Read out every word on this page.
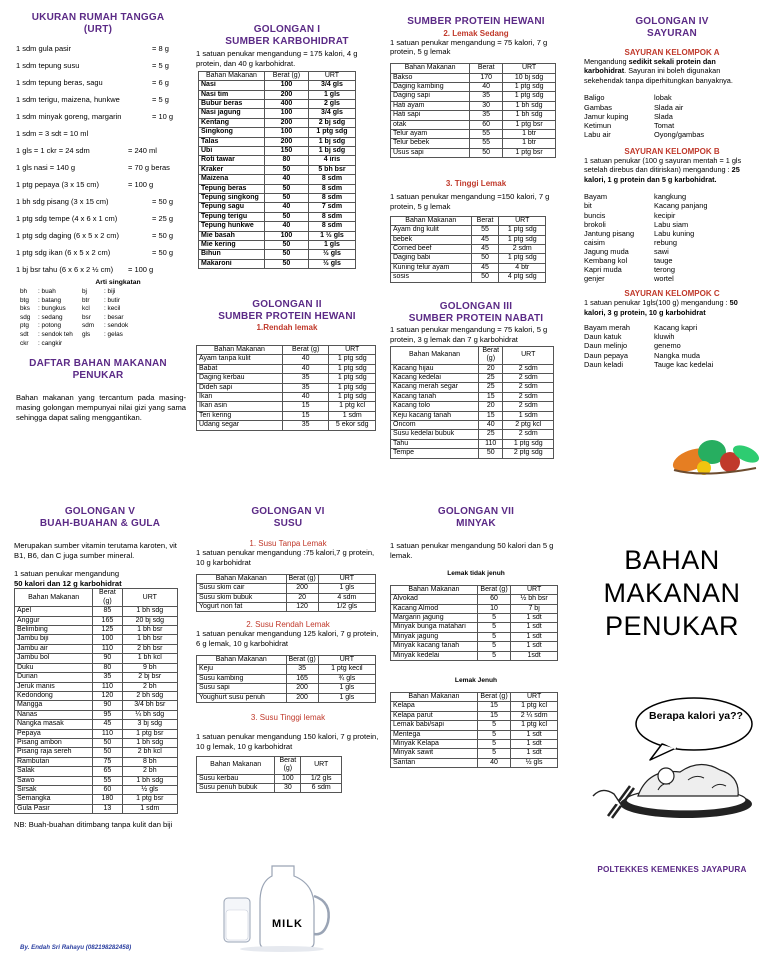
UKURAN RUMAH TANGGA
(URT)
1 sdm gula pasir	= 8 g
1 sdm tepung susu	= 5 g
1 sdm tepung beras, sagu	= 6 g
1 sdm terigu, maizena, hunkwe	= 5 g
1 sdm minyak goreng, margarin	= 10 g
1 sdm = 3 sdt = 10 ml
1 gls = 1 ckr = 24 sdm	= 240 ml
1 gls nasi = 140 g	= 70 g beras
1 ptg pepaya (3 x 15 cm)	= 100 g
1 bh sdg pisang (3 x 15 cm)	= 50 g
1 ptg sdg tempe (4 x 6 x 1 cm)	= 25 g
1 ptg sdg daging (6 x 5 x 2 cm)	= 50 g
1 ptg sdg ikan (6 x 5 x 2 cm)	= 50 g
1 bj bsr tahu (6 x 6 x 2 ½ cm) = 100 g
Arti singkatan
bh	: buah	bj	: biji
btg	: batang	btr	: butir
bks	: bungkus	kcl	: kecil
sdg	: sedang	bsr	: besar
ptg	: potong	sdm	: sendok
sdt	: sendok teh	gls	: gelas
ckr	: cangkir
DAFTAR BAHAN MAKANAN
PENUKAR
Bahan makanan yang tercantum pada masing-masing golongan mempunyai nilai gizi yang sama sehingga dapat saling menggantikan.
GOLONGAN I
SUMBER KARBOHIDRAT
1 satuan penukar mengandung = 175 kalori, 4 g protein, dan 40 g karbohidrat.
Bahan Makanan	Berat (g)	URT
Nasi	100	3/4 gls
Nasi tim	200	1 gls
Bubur beras	400	2 gls
Nasi jagung	100	3/4 gls
Kentang	200	2 bj sdg
Singkong	100	1 ptg sdg
Talas	200	1 bj sdg
Ubi	150	1 bj sdg
Roti tawar	80	4 iris
Kraker	50	5 bh bsr
Maizena	40	8 sdm
Tepung beras	50	8 sdm
Tepung singkong	50	8 sdm
Tepung sagu	40	7 sdm
Tepung terigu	50	8 sdm
Tepung hunkwe	40	8 sdm
Mie basah	100	1 ½ gls
Mie kering	50	1 gls
Bihun	50	½ gls
Makaroni	50	½ gls
GOLONGAN II
SUMBER PROTEIN HEWANI
1.Rendah lemak
Bahan Makanan	Berat (g)	URT
Ayam tanpa kulit	40	1 ptg sdg
Babat	40	1 ptg sdg
Daging kerbau	35	1 ptg sdg
Dideh sapi	35	1 ptg sdg
Ikan	40	1 ptg sdg
Ikan asin	15	1 ptg kcl
Teri kering	15	1 sdm
Udang segar	35	5 ekor sdg
SUMBER PROTEIN HEWANI
2. Lemak Sedang
1 satuan penukar mengandung = 75 kalori, 7 g protein, 5 g lemak
Bahan Makanan	Berat	URT
Bakso	170	10 bj sdg
Daging kambing	40	1 ptg sdg
Daging sapi	35	1 ptg sdg
Hati ayam	30	1 bh sdg
Hati sapi	35	1 bh sdg
otak	60	1 ptg bsr
Telur ayam	55	1 btr
Telur bebek	55	1 btr
Usus sapi	50	1 ptg bsr
3. Tinggi Lemak
1 satuan penukar mengandung =150 kalori, 7 g protein, 5 g lemak
Bahan Makanan	Berat	URT
Ayam dng kulit	55	1 ptg sdg
bebek	45	1 ptg sdg
Corned beef	45	2 sdm
Daging babi	50	1 ptg sdg
Kuning telur ayam	45	4 btr
sosis	50	4 ptg sdg
GOLONGAN III
SUMBER PROTEIN NABATI
1 satuan penukar mengandung = 75 kalori, 5 g protein, 3 g lemak dan 7 g karbohidrat
Bahan Makanan	Berat (g)	URT
Kacang hijau	20	2 sdm
Kacang kedelai	25	2 sdm
Kacang merah segar	25	2 sdm
Kacang tanah	15	2 sdm
Kacang tolo	20	2 sdm
Keju kacang tanah	15	1 sdm
Oncom	40	2 ptg kcl
Susu kedelai bubuk	25	2 sdm
Tahu	110	1 ptg sdg
Tempe	50	2 ptg sdg
GOLONGAN IV
SAYURAN
SAYURAN KELOMPOK A
Mengandung sedikit sekali protein dan karbohidrat. Sayuran ini boleh digunakan sekehendak tanpa diperhitungkan banyaknya.
Baligo	lobak
Gambas	Slada air
Jamur kuping	Slada
Ketimun	Tomat
Labu air	Oyong/gambas
SAYURAN KELOMPOK B
1 satuan penukar (100 g sayuran mentah = 1 gls setelah direbus dan ditiriskan) mengandung : 25 kalori, 1 g protein dan 5 g karbohidrat.
Bayam	kangkung
bit	Kacang panjang
buncis	kecipir
brokoli	Labu siam
Jantung pisang	Labu kuning
caisim	rebung
Jagung muda	sawi
Kembang kol	tauge
Kapri muda	terong
genjer	wortel
SAYURAN KELOMPOK C
1 satuan penukar 1gls(100 g) mengandung : 50 kalori, 3 g protein, 10 g karbohidrat
Bayam merah	Kacang kapri
Daun katuk	kluwih
Daun melinjo	genemo
Daun pepaya	Nangka muda
Daun keladi	Tauge kac kedelai
GOLONGAN V
BUAH-BUAHAN & GULA
Merupakan sumber vitamin terutama karoten, vit B1, B6, dan C juga sumber mineral.
1 satuan penukar mengandung
50 kalori dan 12 g karbohidrat
Bahan Makanan	Berat (g)	URT
Apel	85	1 bh sdg
Anggur	165	20 bj sdg
Belimbing	125	1 bh bsr
Jambu biji	100	1 bh bsr
Jambu air	110	2 bh bsr
Jambu bol	90	1 bh kcl
Duku	80	9 bh
Durian	35	2 bj bsr
Jeruk manis	110	2 bh
Kedondong	120	2 bh sdg
Mangga	90	3/4 bh bsr
Nanas	95	¼ bh sdg
Nangka masak	45	3 bj sdg
Pepaya	110	1 ptg bsr
Pisang ambon	50	1 bh sdg
Pisang raja sereh	50	2 bh kcl
Rambutan	75	8 bh
Salak	65	2 bh
Sawo	55	1 bh sdg
Sirsak	60	½ gls
Semangka	180	1 ptg bsr
Gula Pasir	13	1 sdm
NB: Buah-buahan ditimbang tanpa kulit dan biji
GOLONGAN VI
SUSU
1. Susu Tanpa Lemak
1 satuan penukar mengandung :75 kalori,7 g protein, 10 g karbohidrat
Bahan Makanan	Berat (g)	URT
Susu skim cair	200	1 gls
Susu skim bubuk	20	4 sdm
Yogurt non fat	120	1/2 gls
2. Susu Rendah Lemak
1 satuan penukar mengandung 125 kalori, 7 g protein, 6 g lemak, 10 g karbohidrat
Bahan Makanan	Berat (g)	URT
Keju	35	1 ptg kecil
Susu kambing	165	¾ gls
Susu sapi	200	1 gls
Youghurt susu penuh	200	1 gls
3. Susu Tinggi lemak
1 satuan penukar mengandung 150 kalori, 7 g protein, 10 g lemak, 10 g karbohidrat
Bahan Makanan	Berat (g)	URT
Susu kerbau	100	1/2 gls
Susu penuh bubuk	30	6 sdm
MILK
By. Endah Sri Rahayu (082198282458)
GOLONGAN VII
MINYAK
1 satuan penukar mengandung 50 kalori dan 5 g lemak.
Lemak tidak jenuh
Bahan Makanan	Berat (g)	URT
Alvokad	60	½ bh bsr
Kacang Almod	10	7 bj
Margarin jagung	5	1 sdt
Minyak bunga matahari	5	1 sdt
Minyak jagung	5	1 sdt
Minyak kacang tanah	5	1 sdt
Minyak kedelai	5	1sdt
Lemak Jenuh
Bahan Makanan	Berat (g)	URT
Kelapa	15	1 ptg kcl
Kelapa parut	15	2 ¼ sdm
Lemak babi/sapi	5	1 ptg kcl
Mentega	5	1 sdt
Minyak Kelapa	5	1 sdt
Minyak sawit	5	1 sdt
Santan	40	½ gls
BAHAN
MAKANAN
PENUKAR
Berapa kalori ya??
POLTEKKES KEMENKES JAYAPURA
